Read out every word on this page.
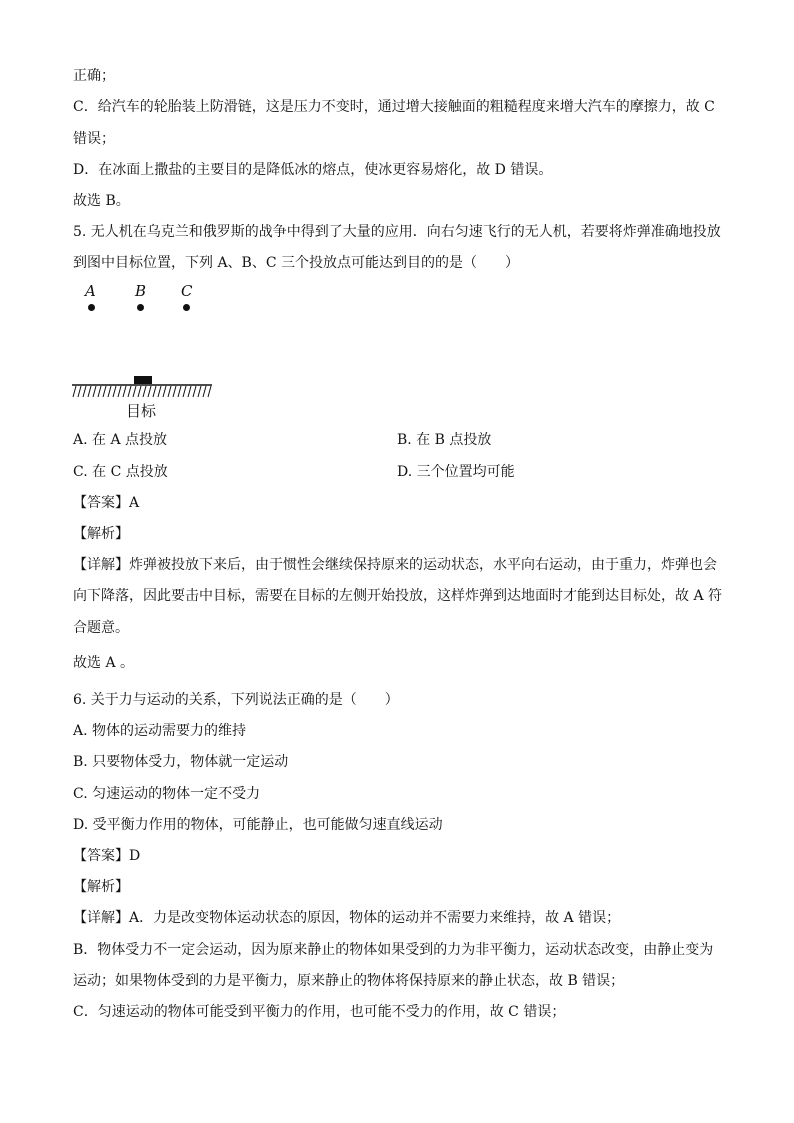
正确；
C．给汽车的轮胎装上防滑链，这是压力不变时，通过增大接触面的粗糙程度来增大汽车的摩擦力，故 C
错误；
D．在冰面上撒盐的主要目的是降低冰的熔点，使冰更容易熔化，故 D 错误。
故选 B。
5. 无人机在乌克兰和俄罗斯的战争中得到了大量的应用．向右匀速飞行的无人机，若要将炸弹准确地投放
到图中目标位置，下列 A、B、C 三个投放点可能达到目的的是（　　）
A	B C
目标
A. 在 A 点投放	B. 在 B 点投放
C. 在 C 点投放	D. 三个位置均可能
【答案】A
【解析】
【详解】炸弹被投放下来后，由于惯性会继续保持原来的运动状态，水平向右运动，由于重力，炸弹也会
向下降落，因此要击中目标，需要在目标的左侧开始投放，这样炸弹到达地面时才能到达目标处，故 A 符
合题意。
故选 A 。
6. 关于力与运动的关系，下列说法正确的是（　　）
A. 物体的运动需要力的维持
B. 只要物体受力，物体就一定运动
C. 匀速运动的物体一定不受力
D. 受平衡力作用的物体，可能静止，也可能做匀速直线运动
【答案】D
【解析】
【详解】A．力是改变物体运动状态的原因，物体的运动并不需要力来维持，故 A 错误；
B．物体受力不一定会运动，因为原来静止的物体如果受到的力为非平衡力，运动状态改变，由静止变为
运动；如果物体受到的力是平衡力，原来静止的物体将保持原来的静止状态，故 B 错误；
C．匀速运动的物体可能受到平衡力的作用，也可能不受力的作用，故 C 错误；
